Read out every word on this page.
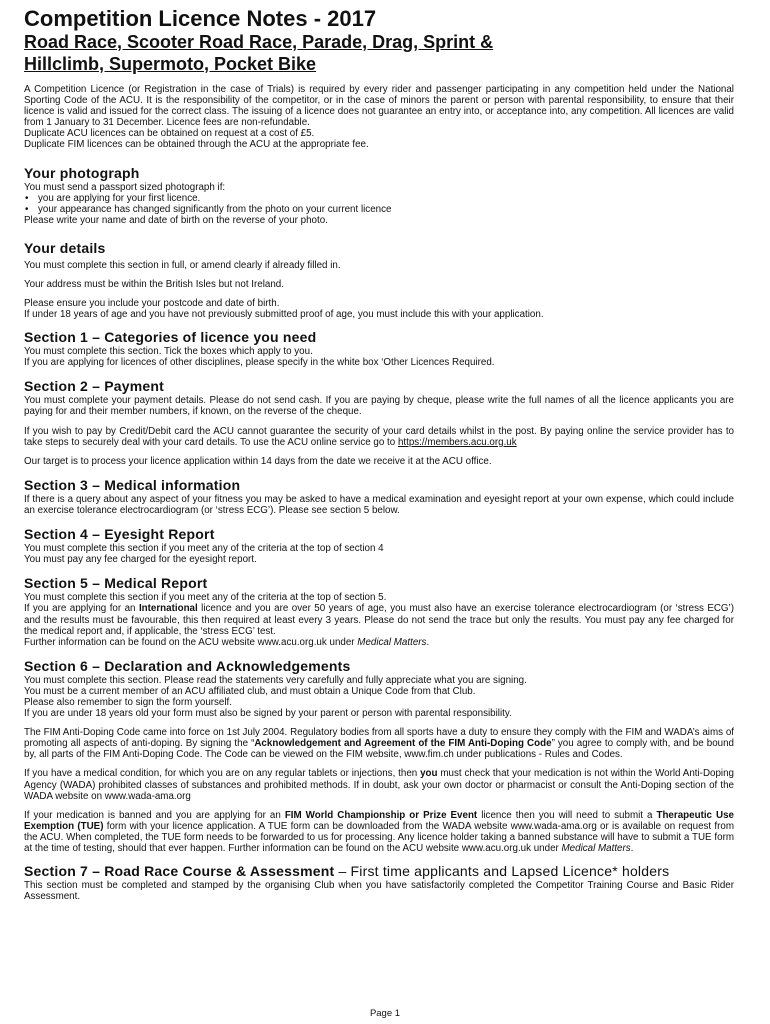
Competition Licence Notes - 2017
Road Race, Scooter Road Race, Parade, Drag, Sprint &
Hillclimb, Supermoto, Pocket Bike

A Competition Licence (or Registration in the case of Trials) is required by every rider and passenger participating in any competition held under the National Sporting Code of the ACU. It is the responsibility of the competitor, or in the case of minors the parent or person with parental responsibility, to ensure that their licence is valid and issued for the correct class. The issuing of a licence does not guarantee an entry into, or acceptance into, any competition. All licences are valid from 1 January to 31 December. Licence fees are non-refundable.

Duplicate ACU licences can be obtained on request at a cost of £5.

Duplicate FIM licences can be obtained through the ACU at the appropriate fee.

Your photograph

You must send a passport sized photograph if:

• you are applying for your first licence.
• your appearance has changed significantly from the photo on your current licence

Please write your name and date of birth on the reverse of your photo.

Your details

You must complete this section in full, or amend clearly if already filled in.

Your address must be within the British Isles but not Ireland.

Please ensure you include your postcode and date of birth.

If under 18 years of age and you have not previously submitted proof of age, you must include this with your application.

Section 1 – Categories of licence you need

You must complete this section. Tick the boxes which apply to you.

If you are applying for licences of other disciplines, please specify in the white box ‘Other Licences Required.

Section 2 – Payment

You must complete your payment details. Please do not send cash. If you are paying by cheque, please write the full names of all the licence applicants you are paying for and their member numbers, if known, on the reverse of the cheque.

If you wish to pay by Credit/Debit card the ACU cannot guarantee the security of your card details whilst in the post. By paying online the service provider has to take steps to securely deal with your card details. To use the ACU online service go to https://members.acu.org.uk

Our target is to process your licence application within 14 days from the date we receive it at the ACU office.

Section 3 – Medical information

If there is a query about any aspect of your fitness you may be asked to have a medical examination and eyesight report at your own expense, which could include an exercise tolerance electrocardiogram (or ‘stress ECG’). Please see section 5 below.

Section 4 – Eyesight Report

You must complete this section if you meet any of the criteria at the top of section 4

You must pay any fee charged for the eyesight report.

Section 5 – Medical Report

You must complete this section if you meet any of the criteria at the top of section 5.

If you are applying for an International licence and you are over 50 years of age, you must also have an exercise tolerance electrocardiogram (or ‘stress ECG’) and the results must be favourable, this then required at least every 3 years. Please do not send the trace but only the results. You must pay any fee charged for the medical report and, if applicable, the ‘stress ECG’ test.

Further information can be found on the ACU website www.acu.org.uk under Medical Matters.

Section 6 – Declaration and Acknowledgements

You must complete this section. Please read the statements very carefully and fully appreciate what you are signing.

You must be a current member of an ACU affiliated club, and must obtain a Unique Code from that Club.

Please also remember to sign the form yourself.

If you are under 18 years old your form must also be signed by your parent or person with parental responsibility.

The FIM Anti-Doping Code came into force on 1st July 2004. Regulatory bodies from all sports have a duty to ensure they comply with the FIM and WADA’s aims of promoting all aspects of anti-doping. By signing the “Acknowledgement and Agreement of the FIM Anti-Doping Code” you agree to comply with, and be bound by, all parts of the FIM Anti-Doping Code. The Code can be viewed on the FIM website, www.fim.ch under publications - Rules and Codes.

If you have a medical condition, for which you are on any regular tablets or injections, then you must check that your medication is not within the World Anti-Doping Agency (WADA) prohibited classes of substances and prohibited methods. If in doubt, ask your own doctor or pharmacist or consult the Anti-Doping section of the WADA website on www.wada-ama.org

If your medication is banned and you are applying for an FIM World Championship or Prize Event licence then you will need to submit a Therapeutic Use Exemption (TUE) form with your licence application. A TUE form can be downloaded from the WADA website www.wada-ama.org or is available on request from the ACU. When completed, the TUE form needs to be forwarded to us for processing. Any licence holder taking a banned substance will have to submit a TUE form at the time of testing, should that ever happen. Further information can be found on the ACU website www.acu.org.uk under Medical Matters.

Section 7 – Road Race Course & Assessment – First time applicants and Lapsed Licence* holders

This section must be completed and stamped by the organising Club when you have satisfactorily completed the Competitor Training Course and Basic Rider Assessment.

Page 1
